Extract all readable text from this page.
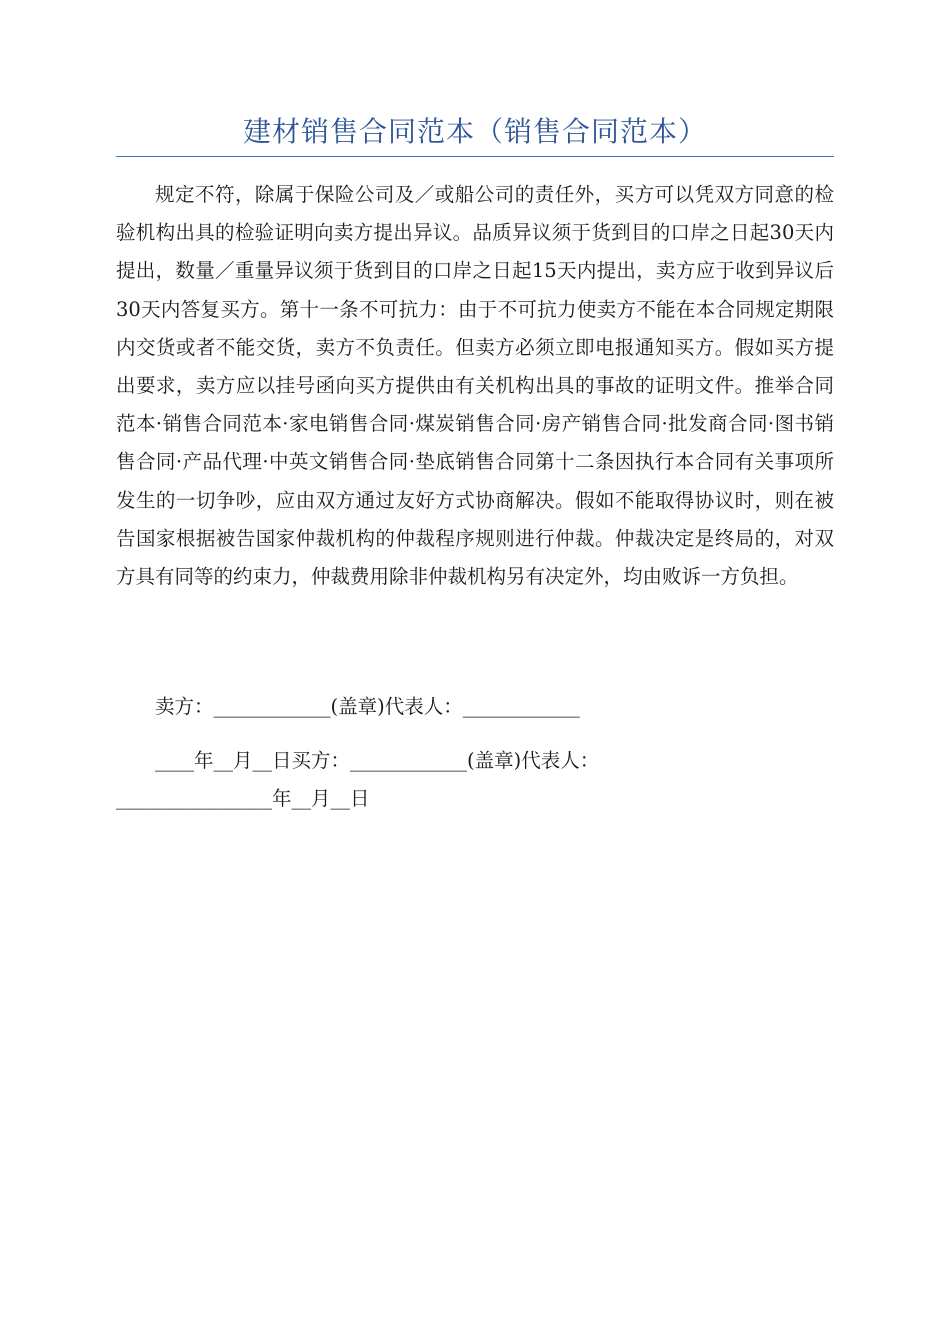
建材销售合同范本（销售合同范本）

规定不符，除属于保险公司及／或船公司的责任外，买方可以凭双方同意的检验机构出具的检验证明向卖方提出异议。品质异议须于货到目的口岸之日起30天内提出，数量／重量异议须于货到目的口岸之日起15天内提出，卖方应于收到异议后30天内答复买方。第十一条不可抗力：由于不可抗力使卖方不能在本合同规定期限内交货或者不能交货，卖方不负责任。但卖方必须立即电报通知买方。假如买方提出要求，卖方应以挂号函向买方提供由有关机构出具的事故的证明文件。推举合同范本·销售合同范本·家电销售合同·煤炭销售合同·房产销售合同·批发商合同·图书销售合同·产品代理·中英文销售合同·垫底销售合同第十二条因执行本合同有关事项所发生的一切争吵，应由双方通过友好方式协商解决。假如不能取得协议时，则在被告国家根据被告国家仲裁机构的仲裁程序规则进行仲裁。仲裁决定是终局的，对双方具有同等的约束力，仲裁费用除非仲裁机构另有决定外，均由败诉一方负担。

卖方：____________(盖章)代表人：____________

____年__月__日买方：____________(盖章)代表人：

________________年__月__日
